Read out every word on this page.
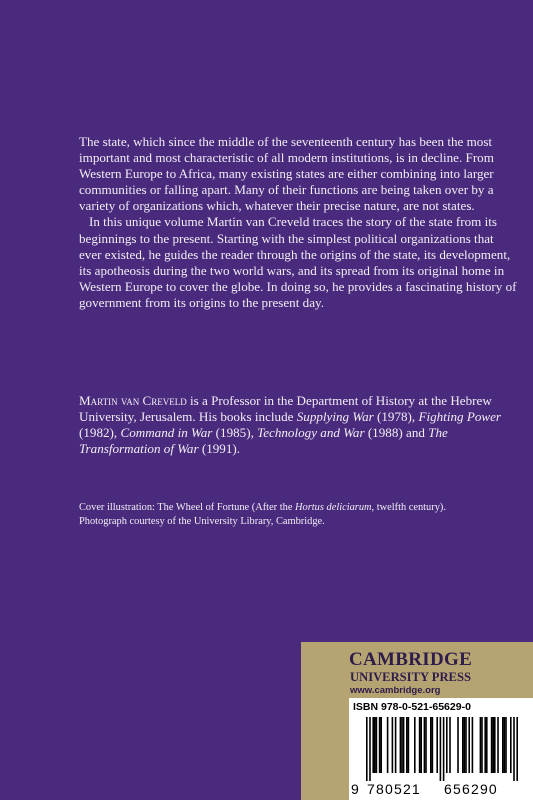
The state, which since the middle of the seventeenth century has been the most important and most characteristic of all modern institutions, is in decline. From Western Europe to Africa, many existing states are either combining into larger communities or falling apart. Many of their functions are being taken over by a variety of organizations which, whatever their precise nature, are not states.

In this unique volume Martin van Creveld traces the story of the state from its beginnings to the present. Starting with the simplest political organizations that ever existed, he guides the reader through the origins of the state, its development, its apotheosis during the two world wars, and its spread from its original home in Western Europe to cover the globe. In doing so, he provides a fascinating history of government from its origins to the present day.

Martin van Creveld is a Professor in the Department of History at the Hebrew University, Jerusalem. His books include Supplying War (1978), Fighting Power (1982), Command in War (1985), Technology and War (1988) and The Transformation of War (1991).
Cover illustration: The Wheel of Fortune (After the Hortus deliciarum, twelfth century). Photograph courtesy of the University Library, Cambridge.
CAMBRIDGE
UNIVERSITY PRESS
www.cambridge.org
ISBN 978-0-521-65629-0
9 780521 656290
